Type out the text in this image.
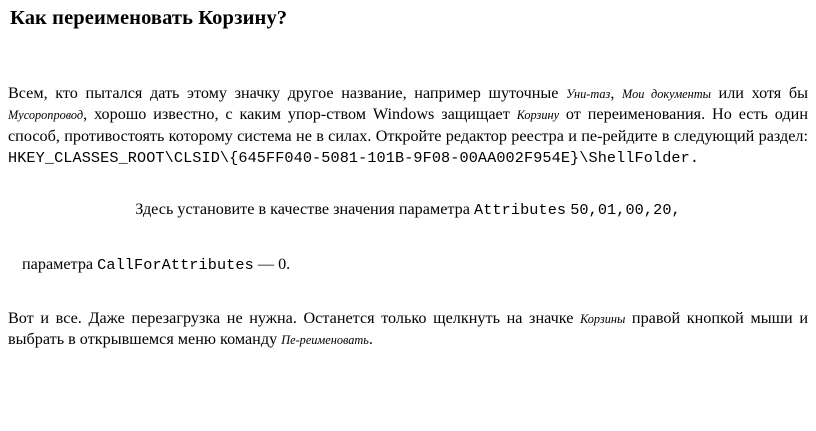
Как переименовать Корзину?

Всем, кто пытался дать этому значку другое название, например шуточные Уни-таз, Мои документы или хотя бы Мусоропровод, хорошо известно, с каким упор-ством Windows защищает Корзину от переименования. Но есть один способ, противостоять которому система не в силах. Откройте редактор реестра и пе-рейдите в следующий раздел: HKEY_CLASSES_ROOT\CLSID\{645FF040-5081-101B-9F08-00AA002F954E}\ShellFolder.

Здесь установите в качестве значения параметра Attributes 50,01,00,20,

параметра CallForAttributes — 0.

Вот и все. Даже перезагрузка не нужна. Останется только щелкнуть на значке Корзины правой кнопкой мыши и выбрать в открывшемся меню команду Пе-реименовать.
